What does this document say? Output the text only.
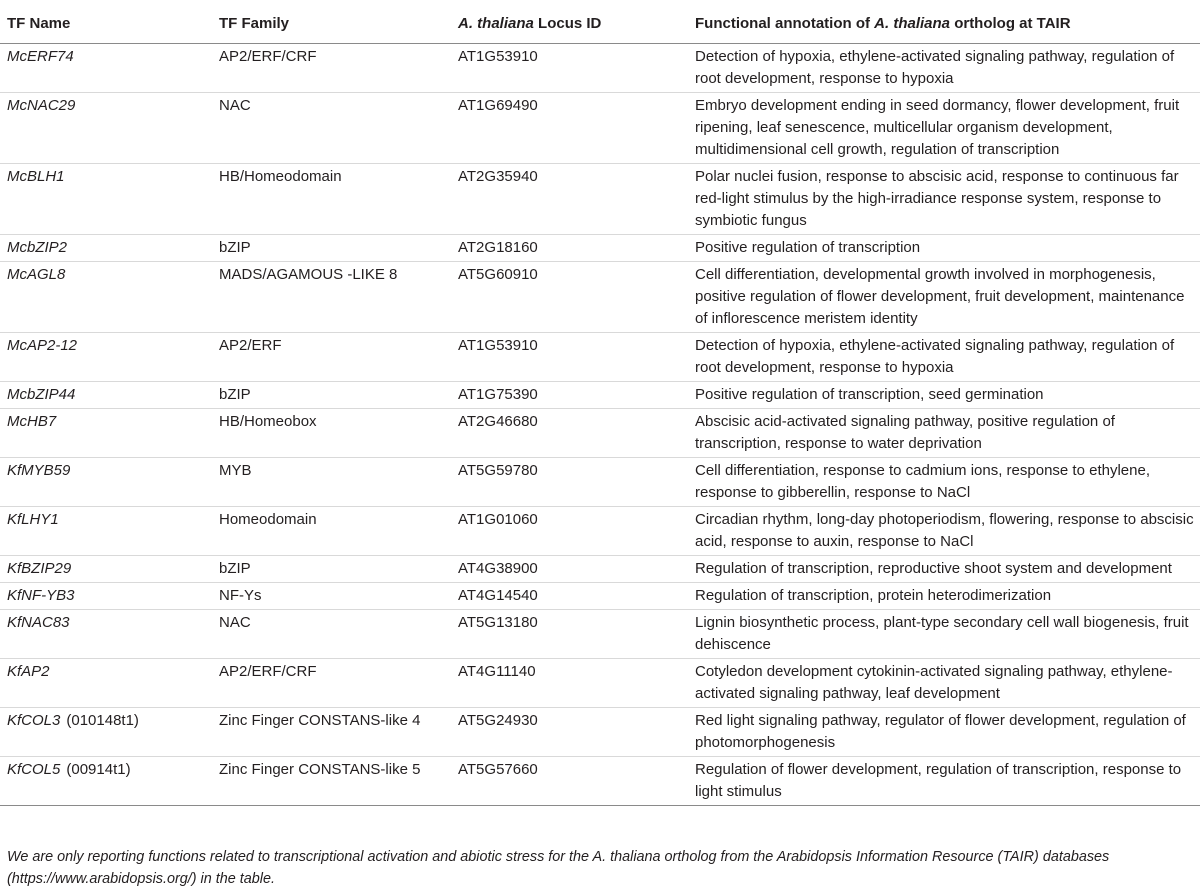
TF Name	TF Family	A. thaliana Locus ID	Functional annotation of A. thaliana ortholog at TAIR
McERF74	AP2/ERF/CRF	AT1G53910	Detection of hypoxia, ethylene-activated signaling pathway, regulation of root development, response to hypoxia
McNAC29	NAC	AT1G69490	Embryo development ending in seed dormancy, flower development, fruit ripening, leaf senescence, multicellular organism development, multidimensional cell growth, regulation of transcription
McBLH1	HB/Homeodomain	AT2G35940	Polar nuclei fusion, response to abscisic acid, response to continuous far red-light stimulus by the high-irradiance response system, response to symbiotic fungus
McbZIP2	bZIP	AT2G18160	Positive regulation of transcription
McAGL8	MADS/AGAMOUS -LIKE 8	AT5G60910	Cell differentiation, developmental growth involved in morphogenesis, positive regulation of flower development, fruit development, maintenance of inflorescence meristem identity
McAP2-12	AP2/ERF	AT1G53910	Detection of hypoxia, ethylene-activated signaling pathway, regulation of root development, response to hypoxia
McbZIP44	bZIP	AT1G75390	Positive regulation of transcription, seed germination
McHB7	HB/Homeobox	AT2G46680	Abscisic acid-activated signaling pathway, positive regulation of transcription, response to water deprivation
KfMYB59	MYB	AT5G59780	Cell differentiation, response to cadmium ions, response to ethylene, response to gibberellin, response to NaCl
KfLHY1	Homeodomain	AT1G01060	Circadian rhythm, long-day photoperiodism, flowering, response to abscisic acid, response to auxin, response to NaCl
KfBZIP29	bZIP	AT4G38900	Regulation of transcription, reproductive shoot system and development
KfNF-YB3	NF-Ys	AT4G14540	Regulation of transcription, protein heterodimerization
KfNAC83	NAC	AT5G13180	Lignin biosynthetic process, plant-type secondary cell wall biogenesis, fruit dehiscence
KfAP2	AP2/ERF/CRF	AT4G11140	Cotyledon development cytokinin-activated signaling pathway, ethylene-activated signaling pathway, leaf development
KfCOL3 (010148t1)	Zinc Finger CONSTANS-like 4	AT5G24930	Red light signaling pathway, regulator of flower development, regulation of photomorphogenesis
KfCOL5 (00914t1)	Zinc Finger CONSTANS-like 5	AT5G57660	Regulation of flower development, regulation of transcription, response to light stimulus
We are only reporting functions related to transcriptional activation and abiotic stress for the A. thaliana ortholog from the Arabidopsis Information Resource (TAIR) databases (https://www.arabidopsis.org/) in the table.
